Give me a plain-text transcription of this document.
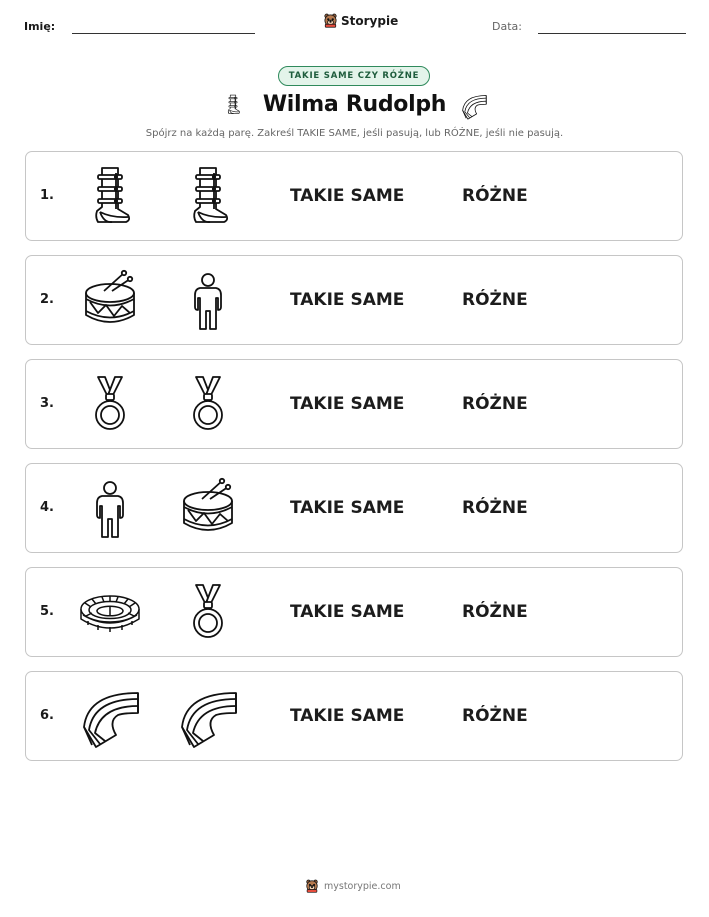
Imię:	Storypie	Data:
TAKIE SAME CZY RÓŻNE
Wilma Rudolph
Spójrz na każdą parę. Zakreśl TAKIE SAME, jeśli pasują, lub RÓŻNE, jeśli nie pasują.
1.	TAKIE SAME	RÓŻNE
2.	TAKIE SAME	RÓŻNE
3.	TAKIE SAME	RÓŻNE
4.	TAKIE SAME	RÓŻNE
5.	TAKIE SAME	RÓŻNE
6.	TAKIE SAME	RÓŻNE
mystorypie.com
